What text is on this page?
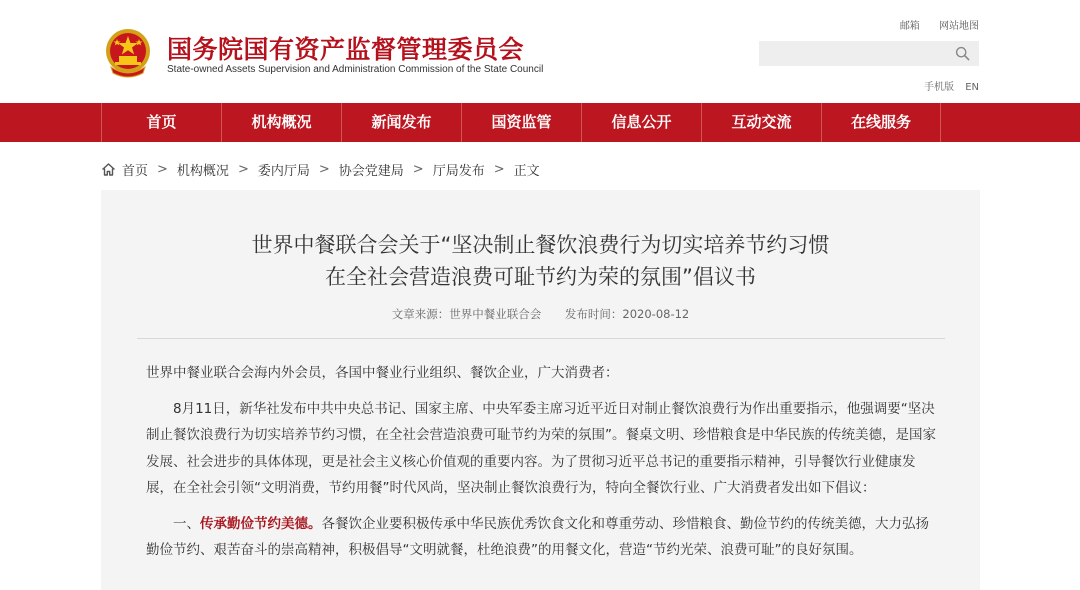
国务院国有资产监督管理委员会
State-owned Assets Supervision and Administration Commission of the State Council
邮箱 网站地图
手机版 EN
首页	机构概况	新闻发布	国资监管	信息公开	互动交流	在线服务
首页 > 机构概况 > 委内厅局 > 协会党建局 > 厅局发布 > 正文
世界中餐联合会关于“坚决制止餐饮浪费行为切实培养节约习惯
在全社会营造浪费可耻节约为荣的氛围”倡议书
文章来源：世界中餐业联合会 发布时间：2020-08-12

世界中餐业联合会海内外会员，各国中餐业行业组织、餐饮企业，广大消费者：

8月11日，新华社发布中共中央总书记、国家主席、中央军委主席习近平近日对制止餐饮浪费行为作出重要指示，他强调要“坚决制止餐饮浪费行为切实培养节约习惯，在全社会营造浪费可耻节约为荣的氛围”。餐桌文明、珍惜粮食是中华民族的传统美德，是国家发展、社会进步的具体体现，更是社会主义核心价值观的重要内容。为了贯彻习近平总书记的重要指示精神，引导餐饮行业健康发展，在全社会引领“文明消费，节约用餐”时代风尚，坚决制止餐饮浪费行为，特向全餐饮行业、广大消费者发出如下倡议：

一、传承勤俭节约美德。各餐饮企业要积极传承中华民族优秀饮食文化和尊重劳动、珍惜粮食、勤俭节约的传统美德，大力弘扬勤俭节约、艰苦奋斗的崇高精神，积极倡导“文明就餐，杜绝浪费”的用餐文化，营造“节约光荣、浪费可耻”的良好氛围。
